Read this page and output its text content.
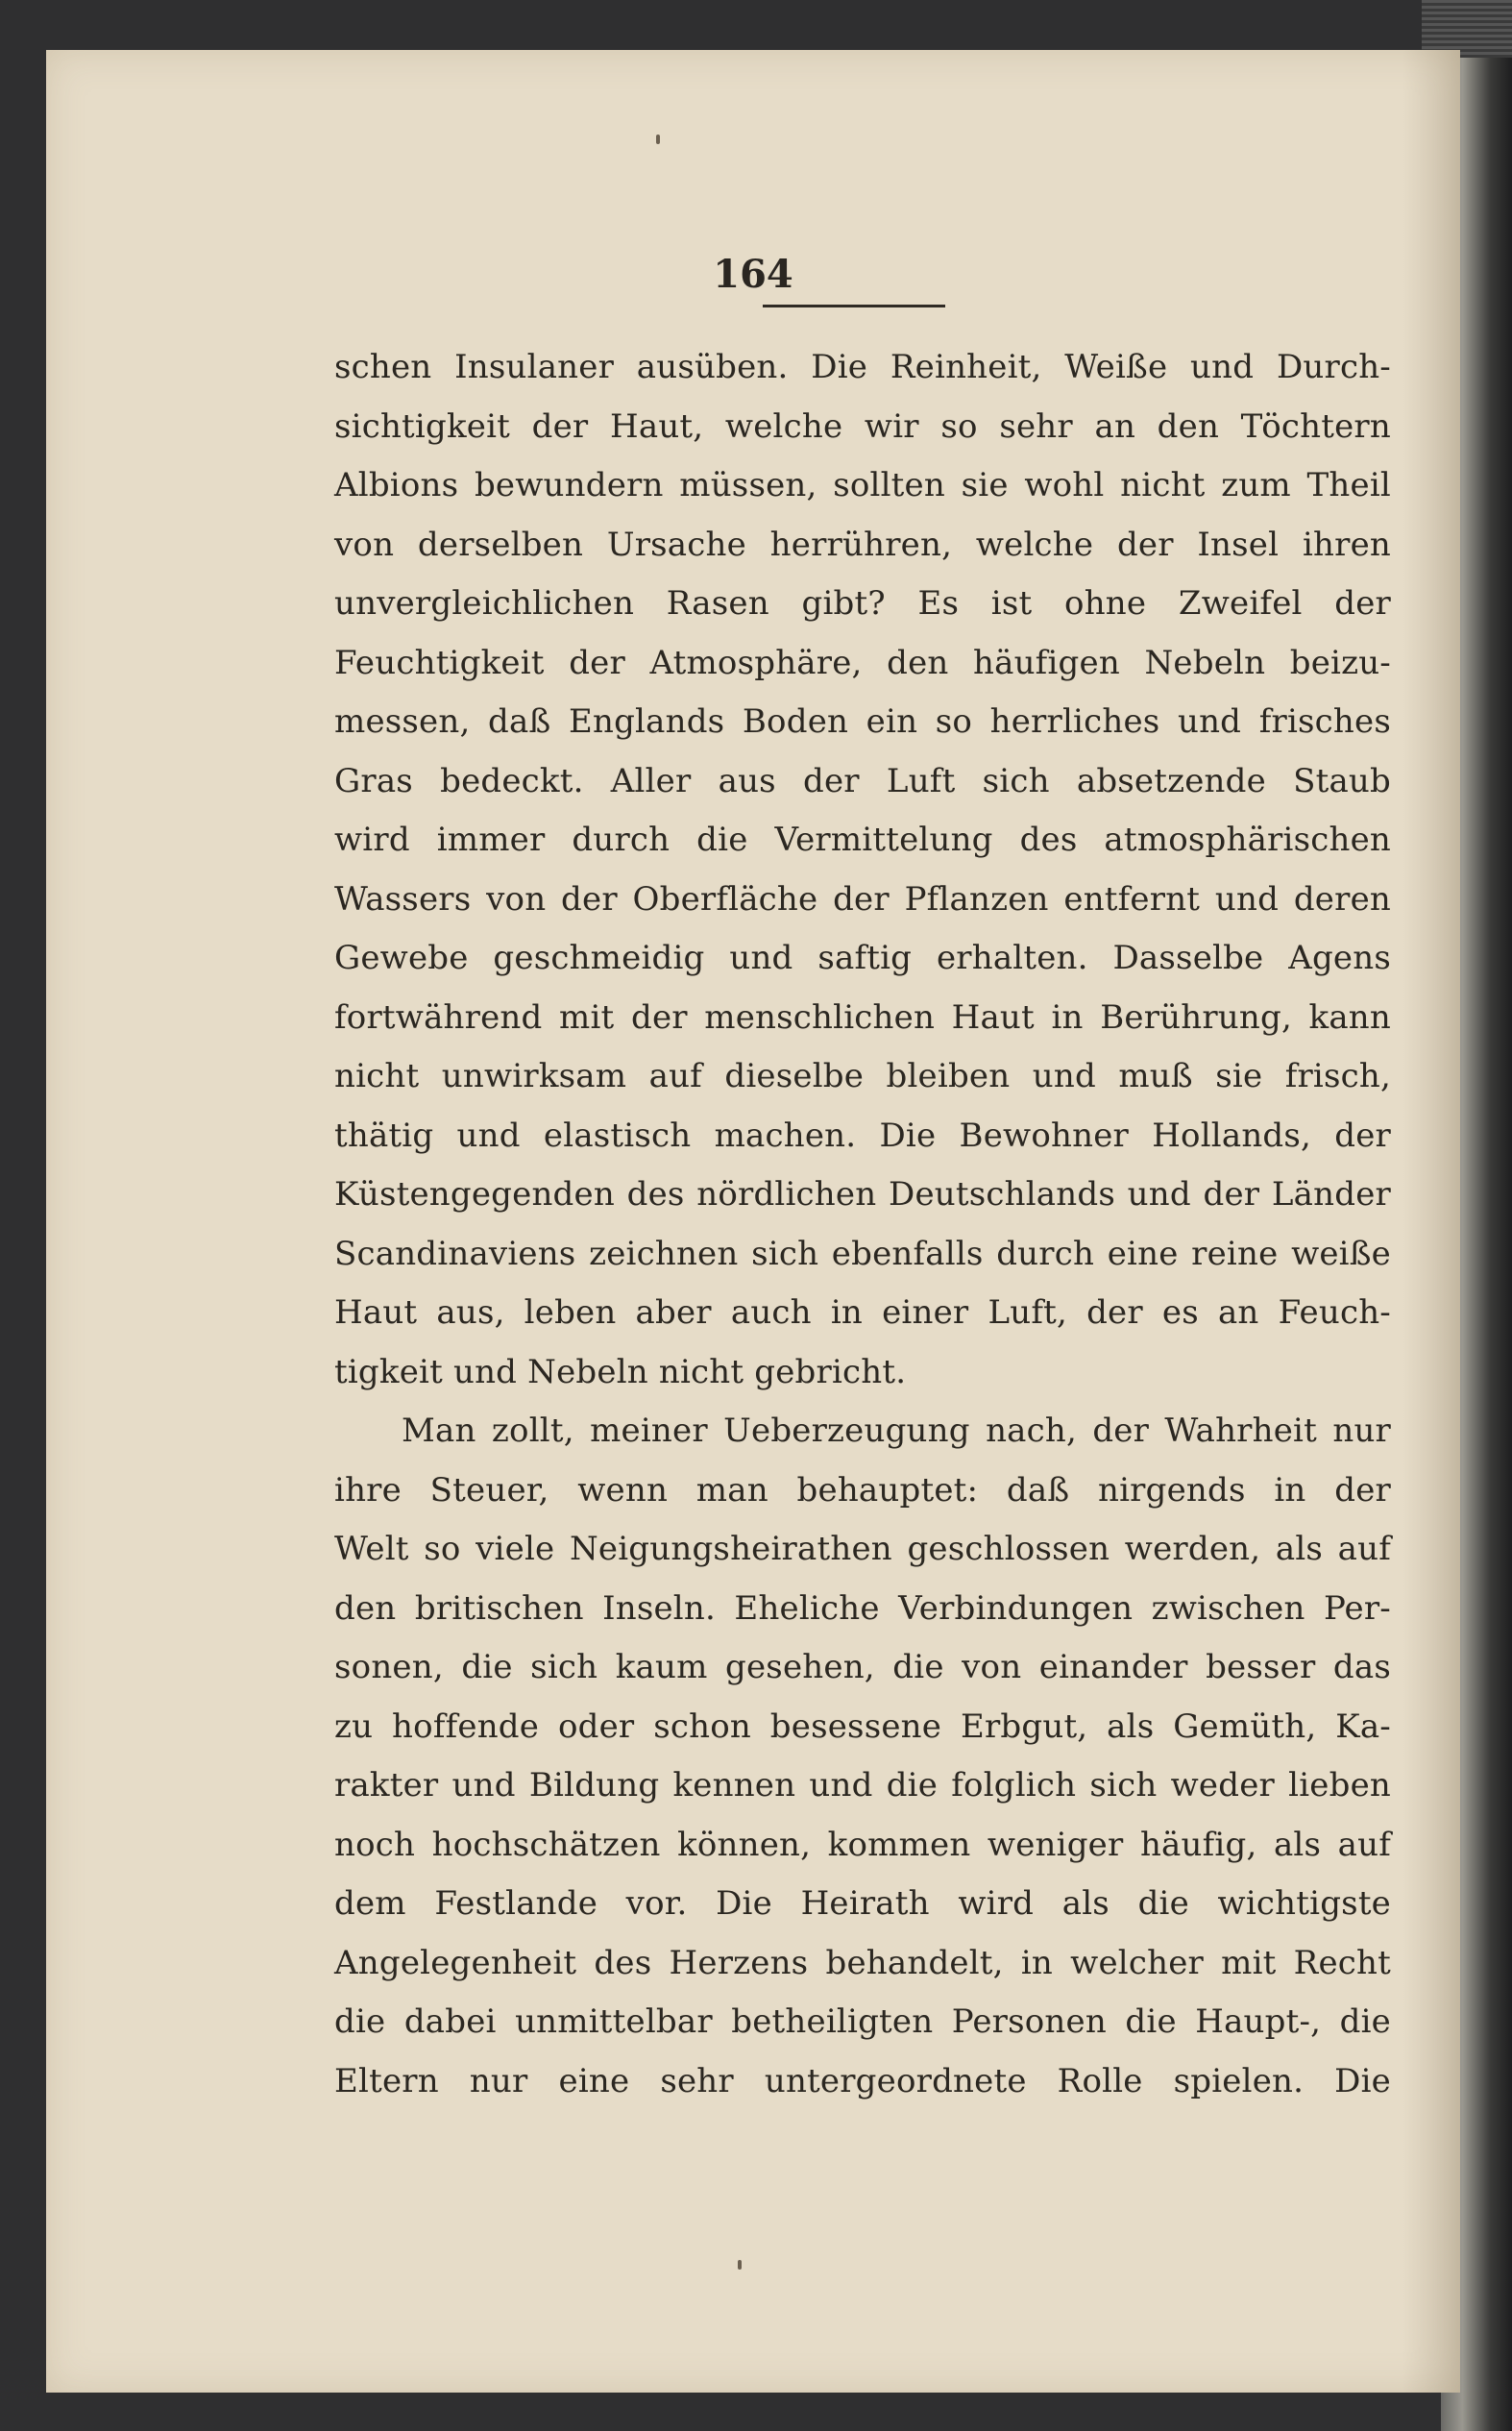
164
schen Insulaner ausüben. Die Reinheit, Weiße und Durch-
sichtigkeit der Haut, welche wir so sehr an den Töchtern
Albions bewundern müssen, sollten sie wohl nicht zum Theil
von derselben Ursache herrühren, welche der Insel ihren
unvergleichlichen Rasen gibt? Es ist ohne Zweifel der
Feuchtigkeit der Atmosphäre, den häufigen Nebeln beizu-
messen, daß Englands Boden ein so herrliches und frisches
Gras bedeckt. Aller aus der Luft sich absetzende Staub
wird immer durch die Vermittelung des atmosphärischen
Wassers von der Oberfläche der Pflanzen entfernt und deren
Gewebe geschmeidig und saftig erhalten. Dasselbe Agens
fortwährend mit der menschlichen Haut in Berührung, kann
nicht unwirksam auf dieselbe bleiben und muß sie frisch,
thätig und elastisch machen. Die Bewohner Hollands, der
Küstengegenden des nördlichen Deutschlands und der Länder
Scandinaviens zeichnen sich ebenfalls durch eine reine weiße
Haut aus, leben aber auch in einer Luft, der es an Feuch-
tigkeit und Nebeln nicht gebricht.
Man zollt, meiner Ueberzeugung nach, der Wahrheit nur
ihre Steuer, wenn man behauptet: daß nirgends in der
Welt so viele Neigungsheirathen geschlossen werden, als auf
den britischen Inseln. Eheliche Verbindungen zwischen Per-
sonen, die sich kaum gesehen, die von einander besser das
zu hoffende oder schon besessene Erbgut, als Gemüth, Ka-
rakter und Bildung kennen und die folglich sich weder lieben
noch hochschätzen können, kommen weniger häufig, als auf
dem Festlande vor. Die Heirath wird als die wichtigste
Angelegenheit des Herzens behandelt, in welcher mit Recht
die dabei unmittelbar betheiligten Personen die Haupt-, die
Eltern nur eine sehr untergeordnete Rolle spielen. Die
